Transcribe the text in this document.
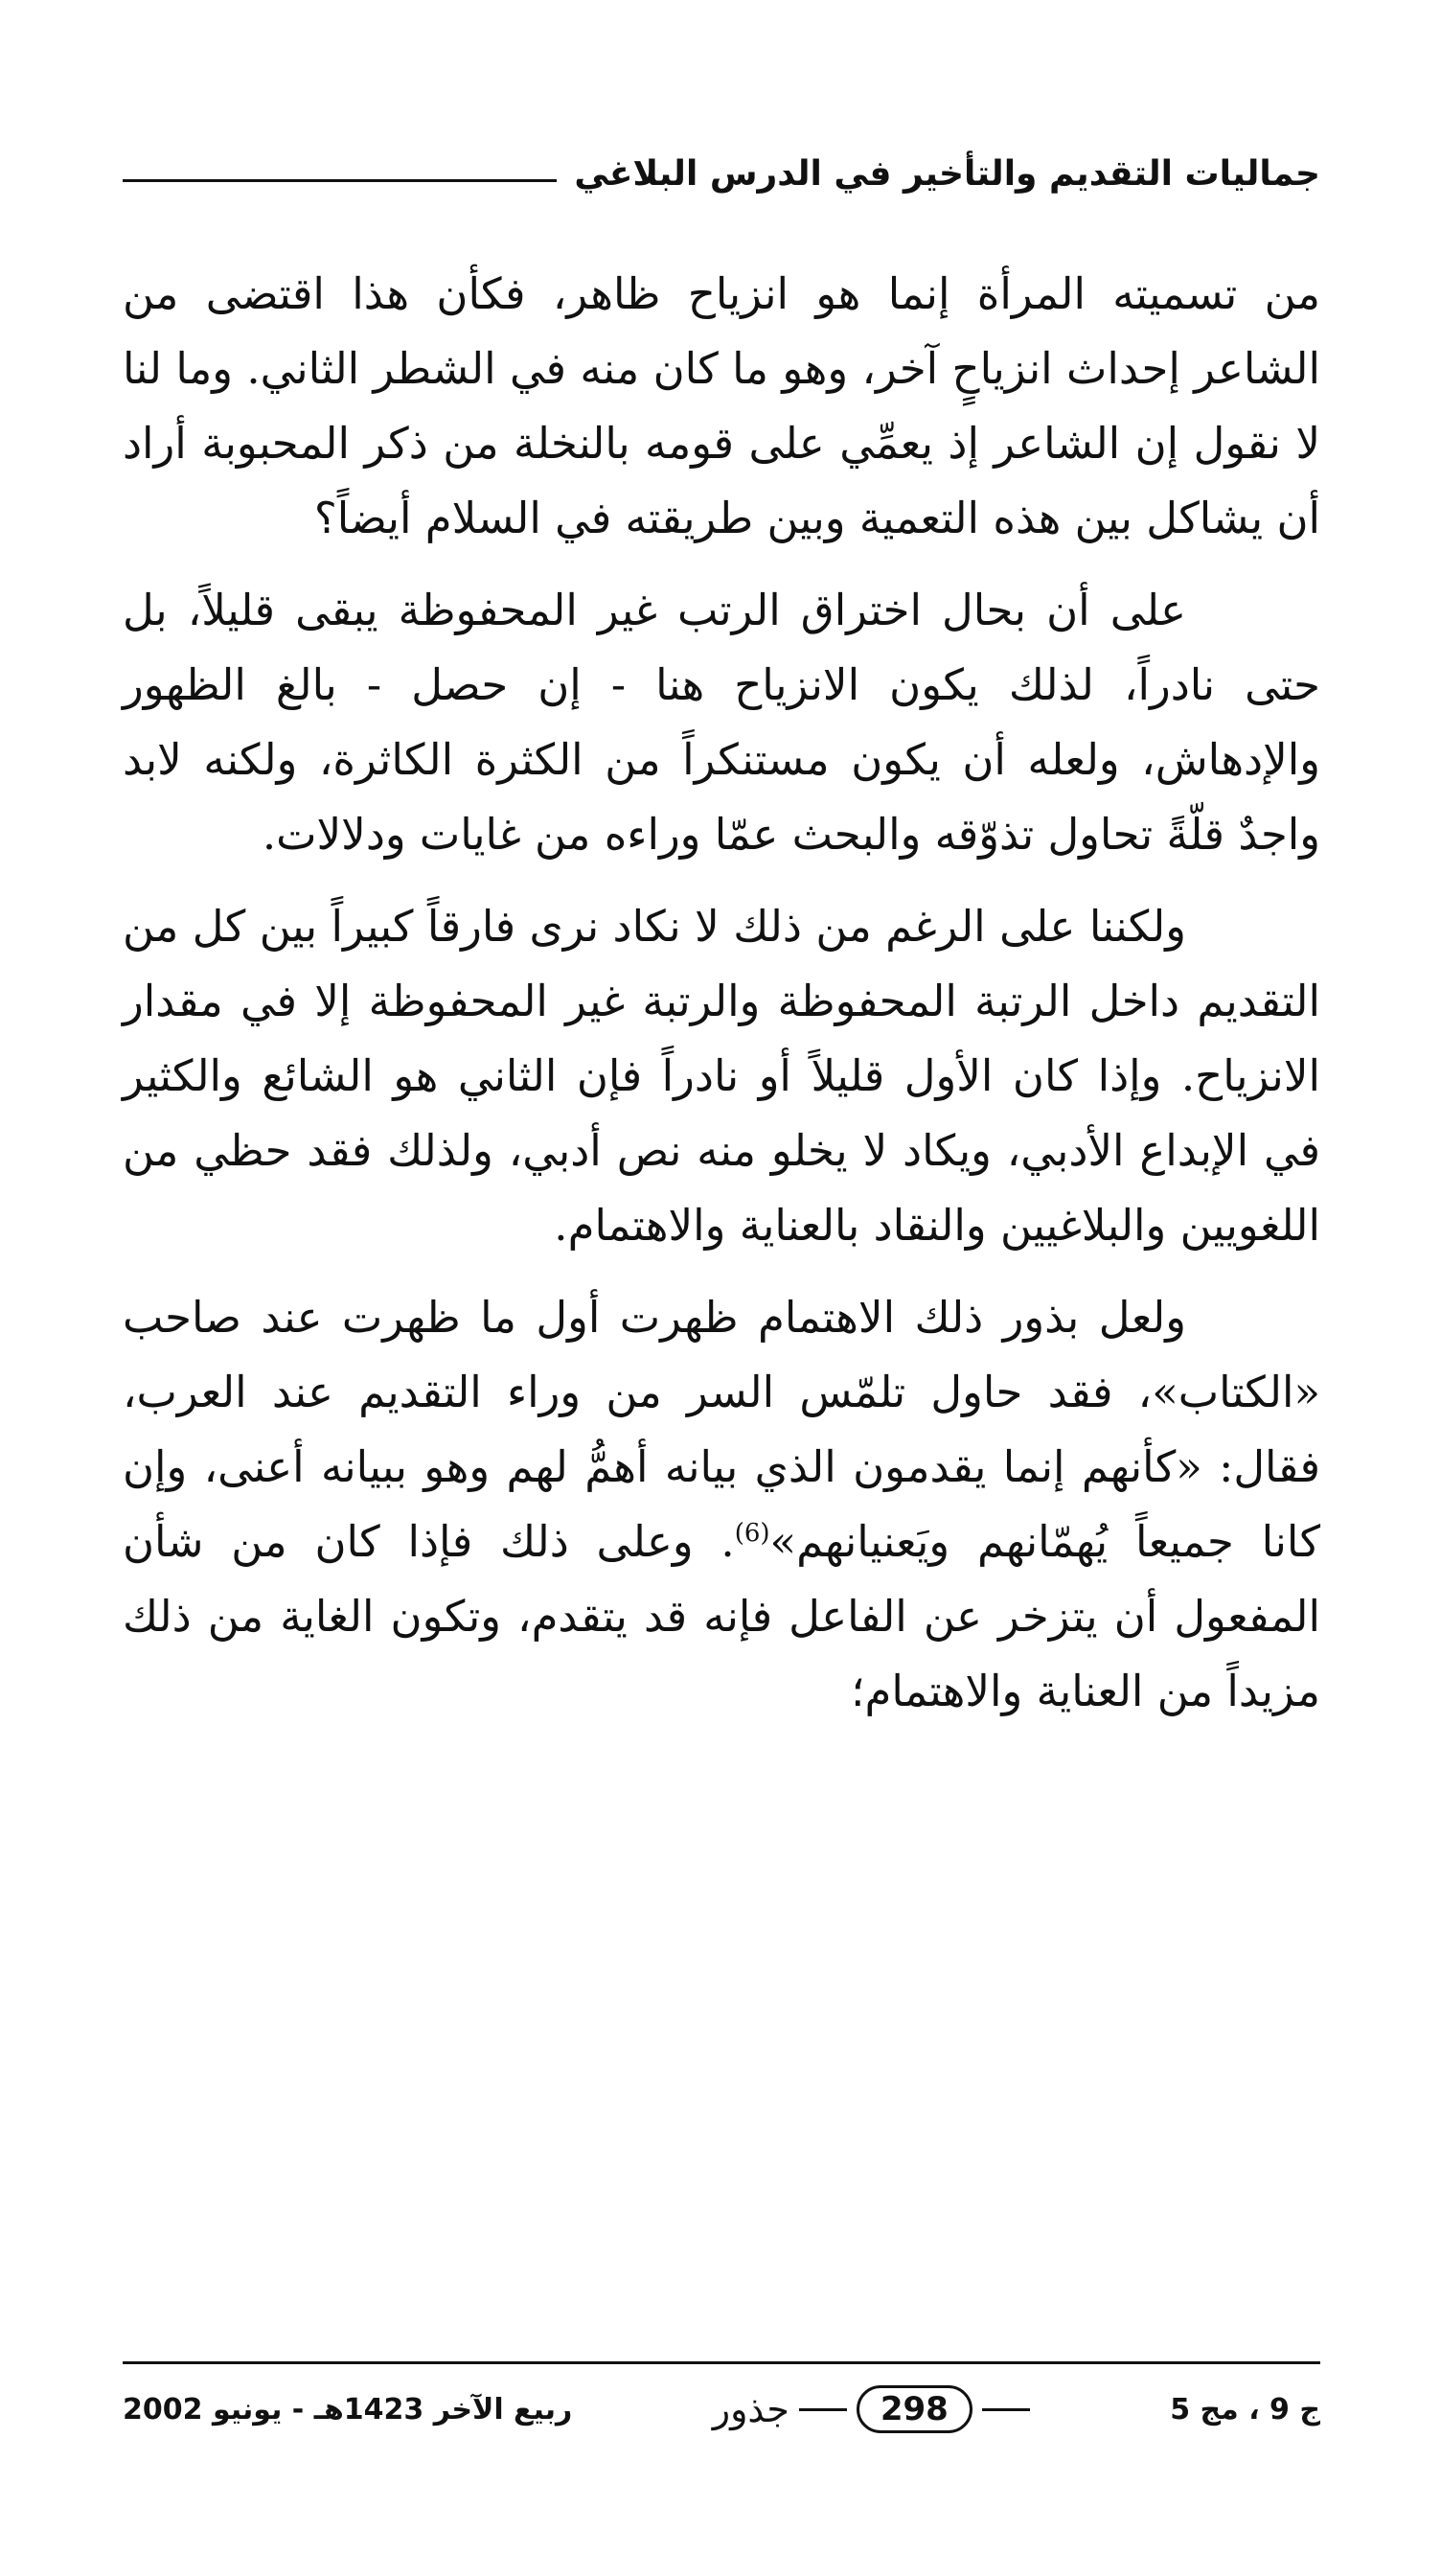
جماليات التقديم والتأخير في الدرس البلاغي

من تسميته المرأة إنما هو انزياح ظاهر، فكأن هذا اقتضى من الشاعر إحداث انزياحٍ آخر، وهو ما كان منه في الشطر الثاني. وما لنا لا نقول إن الشاعر إذ يعمِّي على قومه بالنخلة من ذكر المحبوبة أراد أن يشاكل بين هذه التعمية وبين طريقته في السلام أيضاً؟

على أن بحال اختراق الرتب غير المحفوظة يبقى قليلاً، بل حتى نادراً، لذلك يكون الانزياح هنا - إن حصل - بالغ الظهور والإدهاش، ولعله أن يكون مستنكراً من الكثرة الكاثرة، ولكنه لابد واجدٌ قلّةً تحاول تذوّقه والبحث عمّا وراءه من غايات ودلالات.

ولكننا على الرغم من ذلك لا نكاد نرى فارقاً كبيراً بين كل من التقديم داخل الرتبة المحفوظة والرتبة غير المحفوظة إلا في مقدار الانزياح. وإذا كان الأول قليلاً أو نادراً فإن الثاني هو الشائع والكثير في الإبداع الأدبي، ويكاد لا يخلو منه نص أدبي، ولذلك فقد حظي من اللغويين والبلاغيين والنقاد بالعناية والاهتمام.

ولعل بذور ذلك الاهتمام ظهرت أول ما ظهرت عند صاحب «الكتاب»، فقد حاول تلمّس السر من وراء التقديم عند العرب، فقال: «كأنهم إنما يقدمون الذي بيانه أهمُّ لهم وهو ببيانه أعنى، وإن كانا جميعاً يُهمّانهم ويَعنيانهم»$^{(6)}$. وعلى ذلك فإذا كان من شأن المفعول أن يتزخر عن الفاعل فإنه قد يتقدم، وتكون الغاية من ذلك مزيداً من العناية والاهتمام؛

ج 9 ، مج 5
298
جذور
ربيع الآخر 1423هـ - يونيو 2002
